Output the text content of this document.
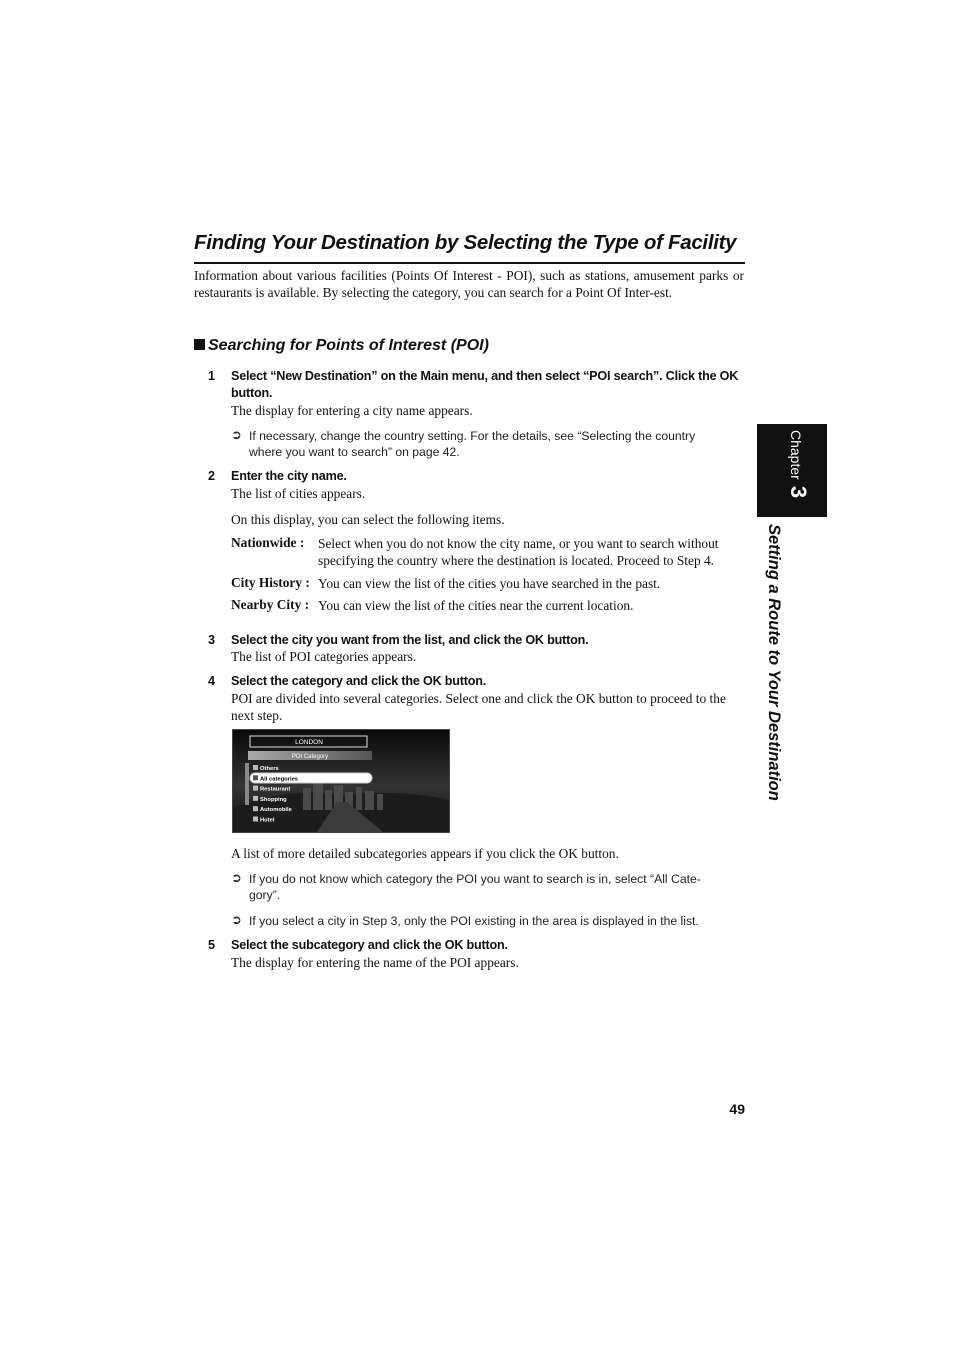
Finding Your Destination by Selecting the Type of Facility
Information about various facilities (Points Of Interest - POI), such as stations, amusement parks or restaurants is available. By selecting the category, you can search for a Point Of Inter-est.
Searching for Points of Interest (POI)
1 Select “New Destination” on the Main menu, and then select “POI search”. Click the OK button.
The display for entering a city name appears.
➲ If necessary, change the country setting. For the details, see “Selecting the country where you want to search” on page 42.
2 Enter the city name.
The list of cities appears.
On this display, you can select the following items.
Nationwide : Select when you do not know the city name, or you want to search without specifying the country where the destination is located. Proceed to Step 4.
City History : You can view the list of the cities you have searched in the past.
Nearby City : You can view the list of the cities near the current location.
3 Select the city you want from the list, and click the OK button.
The list of POI categories appears.
4 Select the category and click the OK button.
POI are divided into several categories. Select one and click the OK button to proceed to the next step.
LONDON
POI Category
Others
All categories
Restaurant
Shopping
Automobile
Hotel
A list of more detailed subcategories appears if you click the OK button.
➲ If you do not know which category the POI you want to search is in, select “All Cate-gory”.
➲ If you select a city in Step 3, only the POI existing in the area is displayed in the list.
5 Select the subcategory and click the OK button.
The display for entering the name of the POI appears.
Chapter3
Setting a Route to Your Destination
49
